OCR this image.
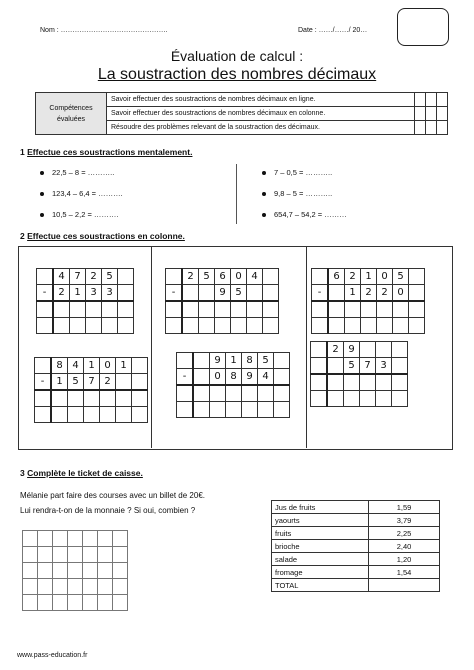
Nom : ……………………………………….	Date : ……/……/ 20…
Évaluation de calcul :
La soustraction des nombres décimaux
Compétences évaluées	Savoir effectuer des soustractions de nombres décimaux en ligne.			
	Savoir effectuer des soustractions de nombres décimaux en colonne.			
	Résoudre des problèmes relevant de la soustraction des décimaux.			
1 Effectue ces soustractions mentalement.
22,5 – 8 = ………..
123,4 – 6,4 = ……….
10,5 – 2,2 = ……….
7 – 0,5 = ………..
9,8 – 5 = ………..
654,7 – 54,2 = ………
2 Effectue ces soustractions en colonne.
	4	7	2	5	
-	2	1	3	3	

	2	5	6	0	4	
-			9	5		

	6	2	1	0	5	
-		1	2	2	0	

	8	4	1	0	1	
-	1	5	7	2		

		9	1	8	5	
-		0	8	9	4	

	2	9			
		5	7	3	

3 Complète le ticket de caisse.
Mélanie part faire des courses avec un billet de 20€.
Lui rendra-t-on de la monnaie ? Si oui, combien ?

							Jus de fruits	1,59
yaourts	3,79
fruits	2,25
brioche	2,40
salade	1,20
fromage	1,54
TOTAL	
www.pass-education.fr
